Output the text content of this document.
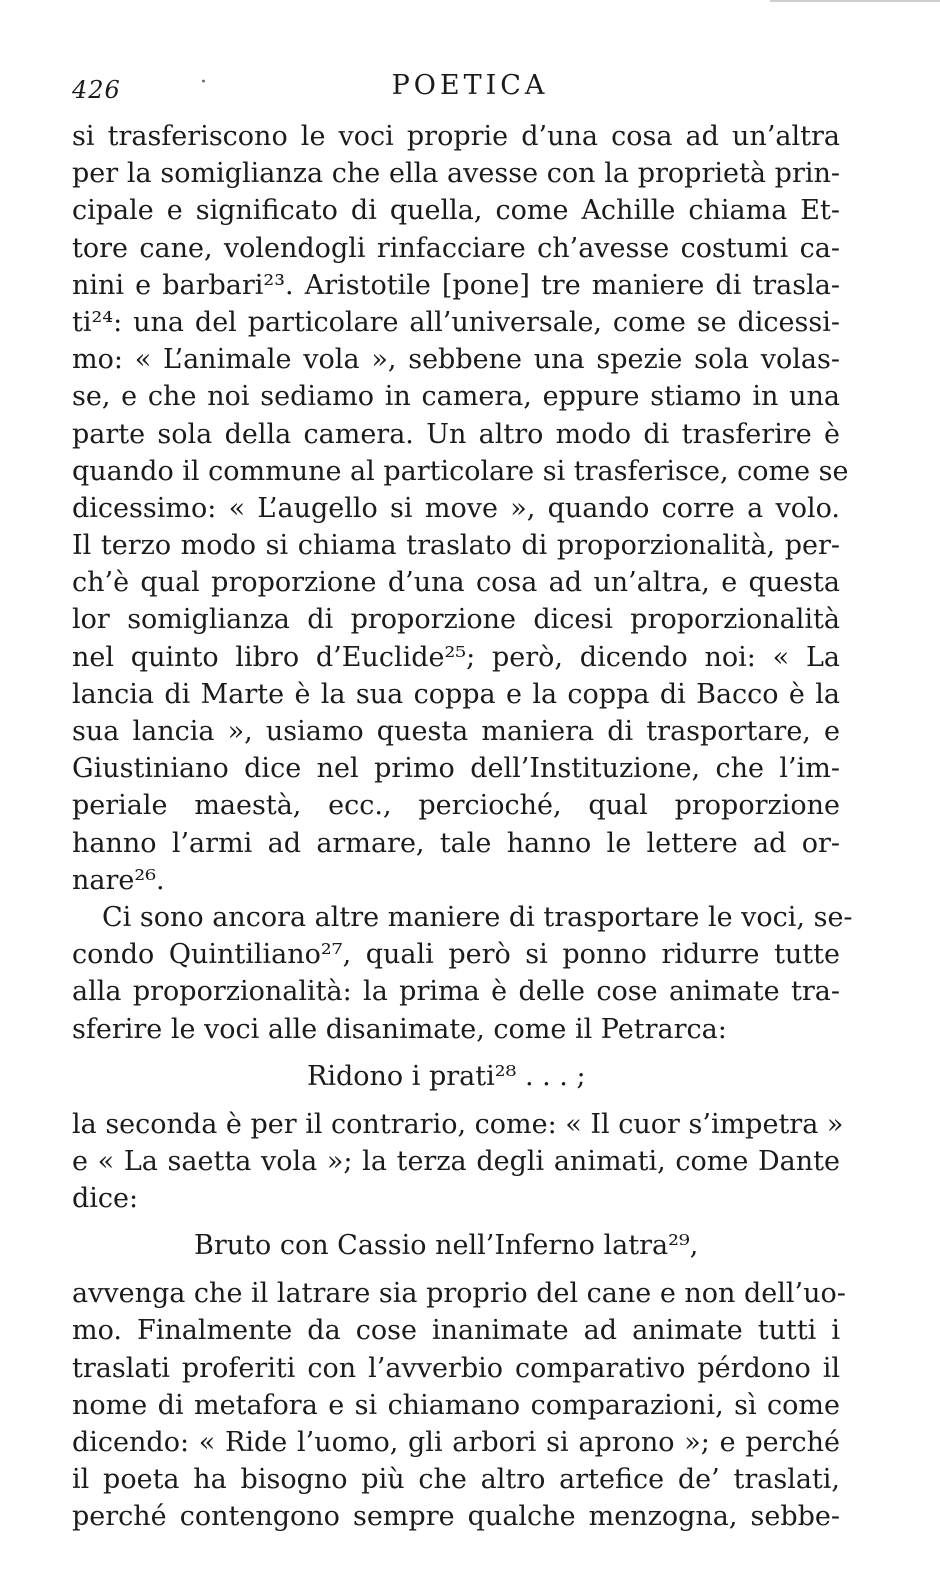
426	·	POETICA
si trasferiscono le voci proprie d’una cosa ad un’altra
per la somiglianza che ella avesse con la proprietà prin‐
cipale e significato di quella, come Achille chiama Et‐
tore cane, volendogli rinfacciare ch’avesse costumi ca‐
nini e barbari²³. Aristotile [pone] tre maniere di trasla‐
ti²⁴: una del particolare all’universale, come se dicessi‐
mo: « L’animale vola », sebbene una spezie sola volas‐
se, e che noi sediamo in camera, eppure stiamo in una
parte sola della camera. Un altro modo di trasferire è
quando il commune al particolare si trasferisce, come se
dicessimo: « L’augello si move », quando corre a volo.
Il terzo modo si chiama traslato di proporzionalità, per‐
ch’è qual proporzione d’una cosa ad un’altra, e questa
lor somiglianza di proporzione dicesi proporzionalità
nel quinto libro d’Euclide²⁵; però, dicendo noi: « La
lancia di Marte è la sua coppa e la coppa di Bacco è la
sua lancia », usiamo questa maniera di trasportare, e
Giustiniano dice nel primo dell’Instituzione, che l’im‐
periale maestà, ecc., percioché, qual proporzione
hanno l’armi ad armare, tale hanno le lettere ad or‐
nare²⁶.
Ci sono ancora altre maniere di trasportare le voci, se‐
condo Quintiliano²⁷, quali però si ponno ridurre tutte
alla proporzionalità: la prima è delle cose animate tra‐
sferire le voci alle disanimate, come il Petrarca:
Ridono i prati²⁸ . . . ;
la seconda è per il contrario, come: « Il cuor s’impetra »
e « La saetta vola »; la terza degli animati, come Dante
dice:
Bruto con Cassio nell’Inferno latra²⁹,
avvenga che il latrare sia proprio del cane e non dell’uo‐
mo. Finalmente da cose inanimate ad animate tutti i
traslati proferiti con l’avverbio comparativo pérdono il
nome di metafora e si chiamano comparazioni, sì come
dicendo: « Ride l’uomo, gli arbori si aprono »; e perché
il poeta ha bisogno più che altro artefice de’ traslati,
perché contengono sempre qualche menzogna, sebbe‐
